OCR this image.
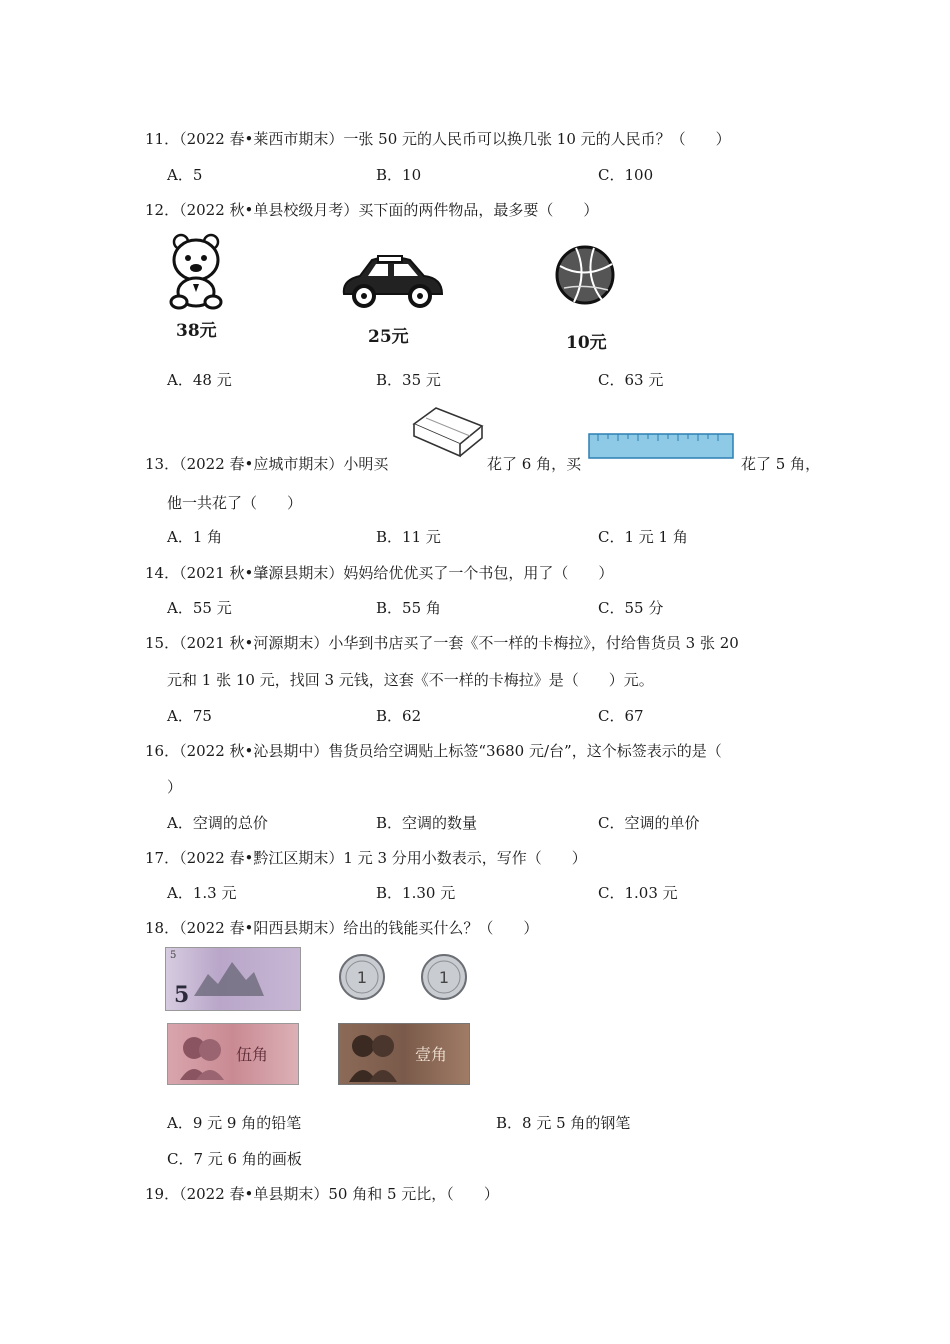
11．（2022 春•莱西市期末）一张 50 元的人民币可以换几张 10 元的人民币？（　　）
A．5	B．10	C．100
12．（2022 秋•单县校级月考）买下面的两件物品，最多要（　　）
38元	25元	10元
A．48 元	B．35 元	C．63 元
13．（2022 春•应城市期末）小明买	花了 6 角，买	花了 5 角，
他一共花了（　　）
A．1 角	B．11 元	C．1 元 1 角
14．（2021 秋•肇源县期末）妈妈给优优买了一个书包，用了（　　）
A．55 元	B．55 角	C．55 分
15．（2021 秋•河源期末）小华到书店买了一套《不一样的卡梅拉》，付给售货员 3 张 20
元和 1 张 10 元，找回 3 元钱，这套《不一样的卡梅拉》是（　　）元。
A．75	B．62	C．67
16．（2022 秋•沁县期中）售货员给空调贴上标签“3680 元/台”，这个标签表示的是（
）
A．空调的总价	B．空调的数量	C．空调的单价
17．（2022 春•黔江区期末）1 元 3 分用小数表示，写作（　　）
A．1.3 元	B．1.30 元	C．1.03 元
18．（2022 春•阳西县期末）给出的钱能买什么？（　　）
5
5
1	1
伍角	壹角
A．9 元 9 角的铅笔	B．8 元 5 角的钢笔
C．7 元 6 角的画板
19．（2022 春•单县期末）50 角和 5 元比，（　　）
